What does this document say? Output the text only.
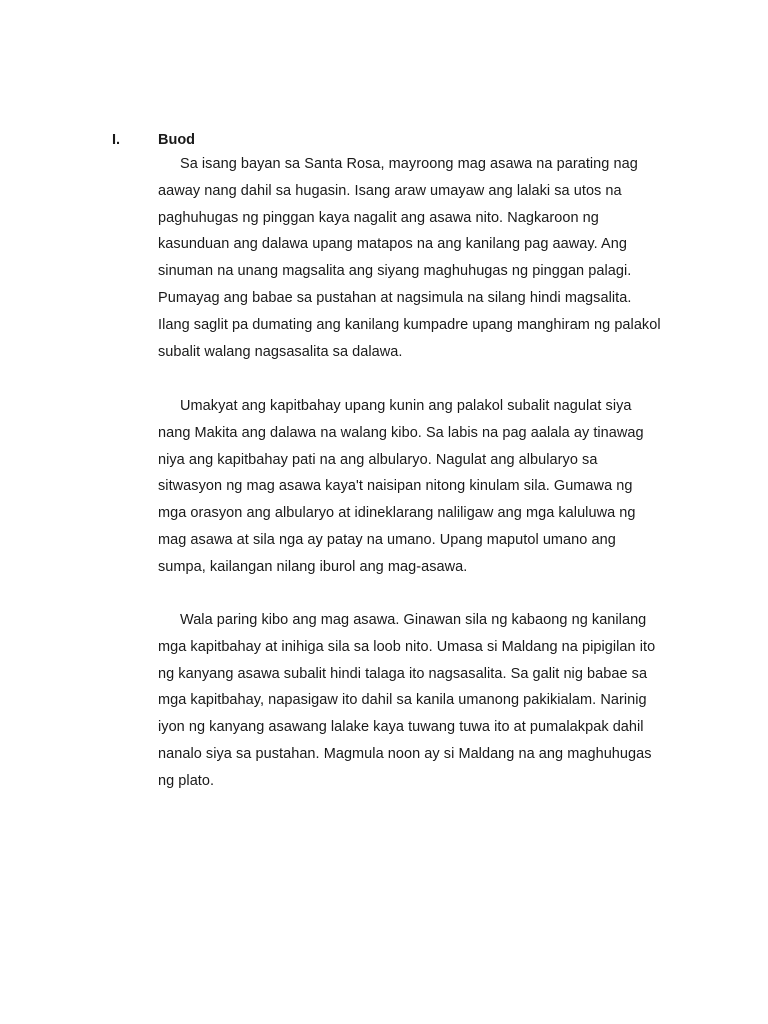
I.	Buod
Sa isang bayan sa Santa Rosa, mayroong mag asawa na parating nag
aaway nang dahil sa hugasin. Isang araw umayaw ang lalaki sa utos na
paghuhugas ng pinggan kaya nagalit ang asawa nito. Nagkaroon ng
kasunduan ang dalawa upang matapos na ang kanilang pag aaway. Ang
sinuman na unang magsalita ang siyang maghuhugas ng pinggan palagi.
Pumayag ang babae sa pustahan at nagsimula na silang hindi magsalita.
Ilang saglit pa dumating ang kanilang kumpadre upang manghiram ng palakol
subalit walang nagsasalita sa dalawa.
Umakyat ang kapitbahay upang kunin ang palakol subalit nagulat siya
nang Makita ang dalawa na walang kibo. Sa labis na pag aalala ay tinawag
niya ang kapitbahay pati na ang albularyo. Nagulat ang albularyo sa
sitwasyon ng mag asawa kaya't naisipan nitong kinulam sila. Gumawa ng
mga orasyon ang albularyo at idineklarang naliligaw ang mga kaluluwa ng
mag asawa at sila nga ay patay na umano. Upang maputol umano ang
sumpa, kailangan nilang iburol ang mag-asawa.
Wala paring kibo ang mag asawa. Ginawan sila ng kabaong ng kanilang
mga kapitbahay at inihiga sila sa loob nito. Umasa si Maldang na pipigilan ito
ng kanyang asawa subalit hindi talaga ito nagsasalita. Sa galit nig babae sa
mga kapitbahay, napasigaw ito dahil sa kanila umanong pakikialam. Narinig
iyon ng kanyang asawang lalake kaya tuwang tuwa ito at pumalakpak dahil
nanalo siya sa pustahan. Magmula noon ay si Maldang na ang maghuhugas
ng plato.
